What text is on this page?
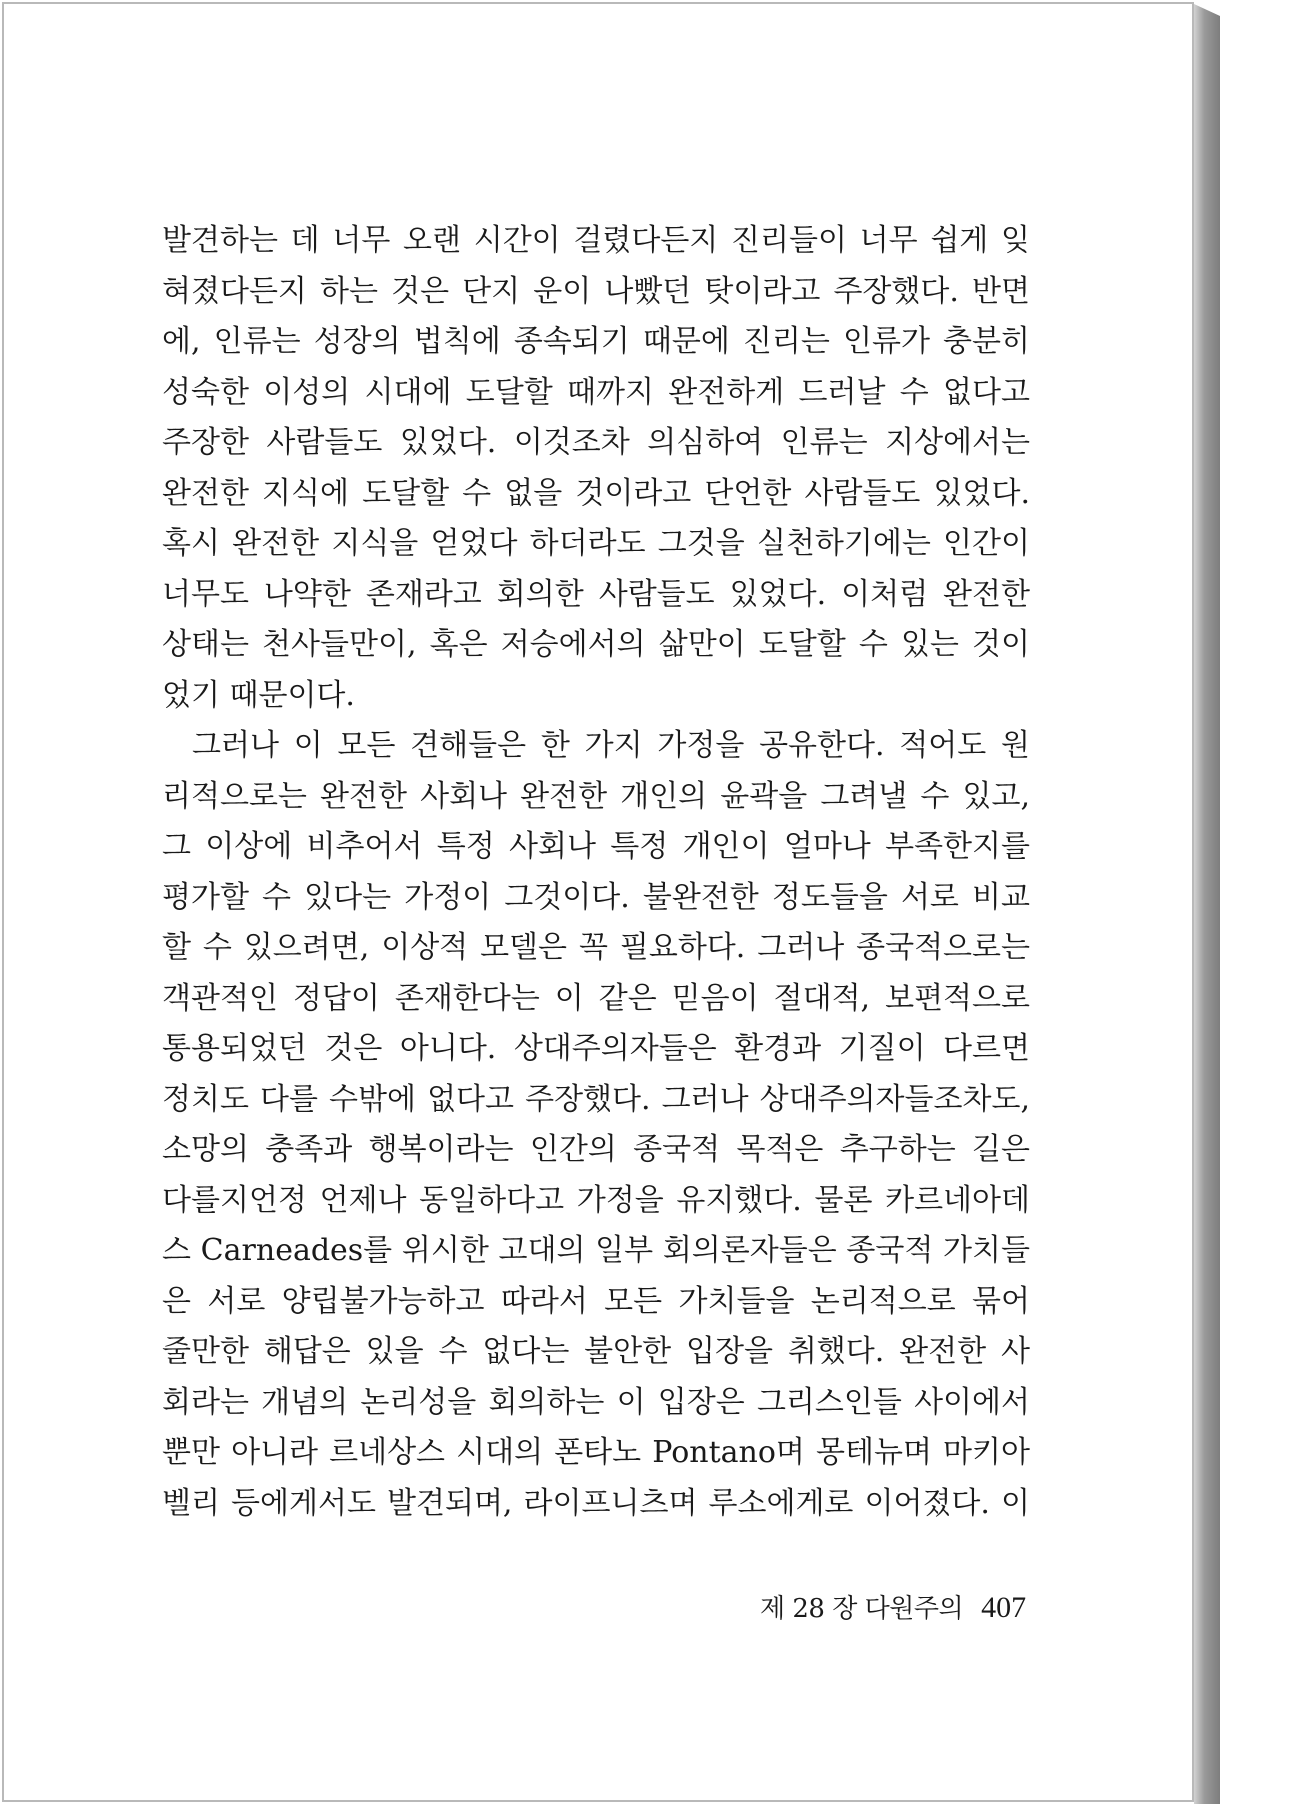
발견하는 데 너무 오랜 시간이 걸렸다든지 진리들이 너무 쉽게 잊
혀졌다든지 하는 것은 단지 운이 나빴던 탓이라고 주장했다. 반면
에, 인류는 성장의 법칙에 종속되기 때문에 진리는 인류가 충분히
성숙한 이성의 시대에 도달할 때까지 완전하게 드러날 수 없다고
주장한 사람들도 있었다. 이것조차 의심하여 인류는 지상에서는
완전한 지식에 도달할 수 없을 것이라고 단언한 사람들도 있었다.
혹시 완전한 지식을 얻었다 하더라도 그것을 실천하기에는 인간이
너무도 나약한 존재라고 회의한 사람들도 있었다. 이처럼 완전한
상태는 천사들만이, 혹은 저승에서의 삶만이 도달할 수 있는 것이
었기 때문이다.
그러나 이 모든 견해들은 한 가지 가정을 공유한다. 적어도 원
리적으로는 완전한 사회나 완전한 개인의 윤곽을 그려낼 수 있고,
그 이상에 비추어서 특정 사회나 특정 개인이 얼마나 부족한지를
평가할 수 있다는 가정이 그것이다. 불완전한 정도들을 서로 비교
할 수 있으려면, 이상적 모델은 꼭 필요하다. 그러나 종국적으로는
객관적인 정답이 존재한다는 이 같은 믿음이 절대적, 보편적으로
통용되었던 것은 아니다. 상대주의자들은 환경과 기질이 다르면
정치도 다를 수밖에 없다고 주장했다. 그러나 상대주의자들조차도,
소망의 충족과 행복이라는 인간의 종국적 목적은 추구하는 길은
다를지언정 언제나 동일하다고 가정을 유지했다. 물론 카르네아데
스 Carneades를 위시한 고대의 일부 회의론자들은 종국적 가치들
은 서로 양립불가능하고 따라서 모든 가치들을 논리적으로 묶어
줄만한 해답은 있을 수 없다는 불안한 입장을 취했다. 완전한 사
회라는 개념의 논리성을 회의하는 이 입장은 그리스인들 사이에서
뿐만 아니라 르네상스 시대의 폰타노 Pontano며 몽테뉴며 마키아
벨리 등에게서도 발견되며, 라이프니츠며 루소에게로 이어졌다. 이
제 28 장 다원주의 407
